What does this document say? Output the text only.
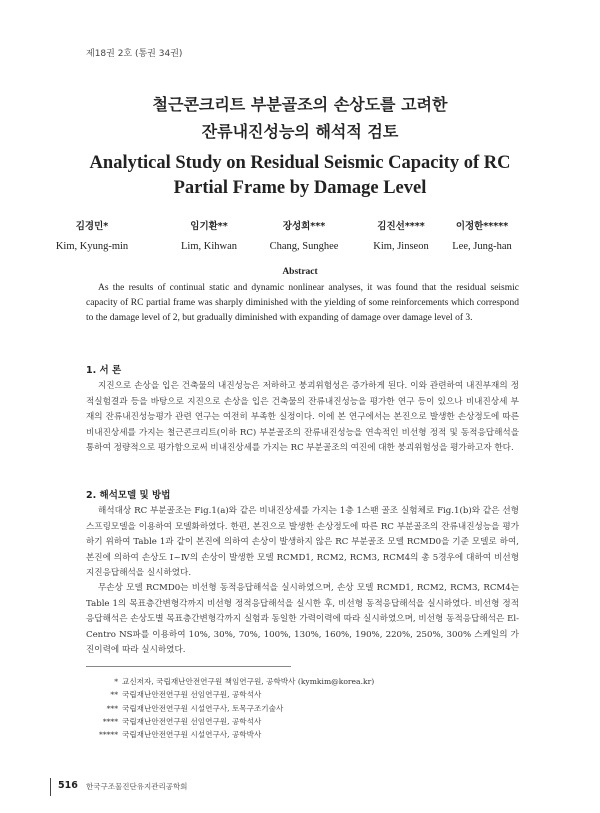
제18권 2호 (통권 34권)
철근콘크리트 부분골조의 손상도를 고려한
잔류내진성능의 해석적 검토
Analytical Study on Residual Seismic Capacity of RC
Partial Frame by Damage Level
김경민*
Kim, Kyung-min
임기환**
Lim, Kihwan
장성희***
Chang, Sunghee
김진선****
Kim, Jinseon
이정한*****
Lee, Jung-han
Abstract

As the results of continual static and dynamic nonlinear analyses, it was found that the residual seismic capacity of RC partial frame was sharply diminished with the yielding of some reinforcements which correspond to the damage level of 2, but gradually diminished with expanding of damage over damage level of 3.

1. 서 론

지진으로 손상을 입은 건축물의 내진성능은 저하하고 붕괴위험성은 증가하게 된다. 이와 관련하여 내진부재의 정적실험결과 등을 바탕으로 지진으로 손상을 입은 건축물의 잔류내진성능을 평가한 연구 등이 있으나 비내진상세 부재의 잔류내진성능평가 관련 연구는 여전히 부족한 실정이다. 이에 본 연구에서는 본진으로 발생한 손상정도에 따른 비내진상세를 가지는 철근콘크리트(이하 RC) 부분골조의 잔류내진성능을 연속적인 비선형 정적 및 동적응답해석을 통하여 정량적으로 평가함으로써 비내진상세를 가지는 RC 부분골조의 여진에 대한 붕괴위험성을 평가하고자 한다.

2. 해석모델 및 방법

해석대상 RC 부분골조는 Fig.1(a)와 같은 비내진상세를 가지는 1층 1스팬 골조 실험체로 Fig.1(b)와 같은 선형스프링모델을 이용하여 모델화하였다. 한편, 본진으로 발생한 손상정도에 따른 RC 부분골조의 잔류내진성능을 평가하기 위하여 Table 1과 같이 본진에 의하여 손상이 발생하지 않은 RC 부분골조 모델 RCMD0을 기준 모델로 하여, 본진에 의하여 손상도 Ⅰ~Ⅳ의 손상이 발생한 모델 RCMD1, RCM2, RCM3, RCM4의 총 5경우에 대하여 비선형 지진응답해석을 실시하였다.

무손상 모델 RCMD0는 비선형 동적응답해석을 실시하였으며, 손상 모델 RCMD1, RCM2, RCM3, RCM4는 Table 1의 목표층간변형각까지 비선형 정적응답해석을 실시한 후, 비선형 동적응답해석을 실시하였다. 비선형 정적응답해석은 손상도별 목표층간변형각까지 실험과 동일한 가력이력에 따라 실시하였으며, 비선형 동적응답해석은 El-Centro NS파를 이용하여 10%, 30%, 70%, 100%, 130%, 160%, 190%, 220%, 250%, 300% 스케일의 가진이력에 따라 실시하였다.

* 교신저자, 국립재난안전연구원 책임연구원, 공학박사 (kymkim@korea.kr)
** 국립재난안전연구원 선임연구원, 공학석사
*** 국립재난안전연구원 시설연구사, 토목구조기술사
**** 국립재난안전연구원 선임연구원, 공학석사
***** 국립재난안전연구원 시설연구사, 공학박사
516 한국구조물진단유지관리공학회
